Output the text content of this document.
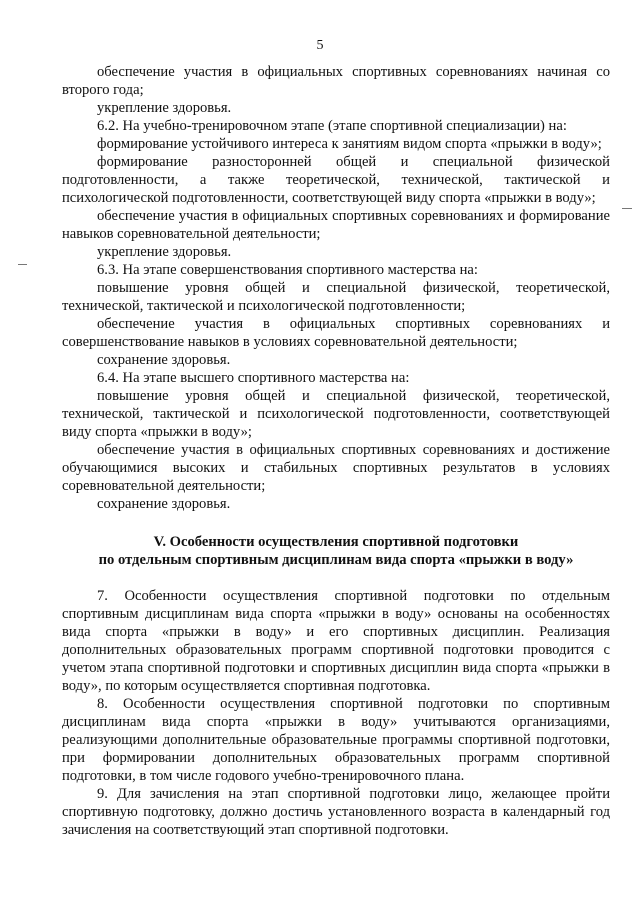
5

обеспечение участия в официальных спортивных соревнованиях начиная со второго года;

укрепление здоровья.

6.2. На учебно-тренировочном этапе (этапе спортивной специализации) на:

формирование устойчивого интереса к занятиям видом спорта «прыжки в воду»;

формирование разносторонней общей и специальной физической подготовленности, а также теоретической, технической, тактической и психологической подготовленности, соответствующей виду спорта «прыжки в воду»;

обеспечение участия в официальных спортивных соревнованиях и формирование навыков соревновательной деятельности;

укрепление здоровья.

6.3. На этапе совершенствования спортивного мастерства на:

повышение уровня общей и специальной физической, теоретической, технической, тактической и психологической подготовленности;

обеспечение участия в официальных спортивных соревнованиях и совершенствование навыков в условиях соревновательной деятельности;

сохранение здоровья.

6.4. На этапе высшего спортивного мастерства на:

повышение уровня общей и специальной физической, теоретической, технической, тактической и психологической подготовленности, соответствующей виду спорта «прыжки в воду»;

обеспечение участия в официальных спортивных соревнованиях и достижение обучающимися высоких и стабильных спортивных результатов в условиях соревновательной деятельности;

сохранение здоровья.

V. Особенности осуществления спортивной подготовки

по отдельным спортивным дисциплинам вида спорта «прыжки в воду»

7. Особенности осуществления спортивной подготовки по отдельным спортивным дисциплинам вида спорта «прыжки в воду» основаны на особенностях вида спорта «прыжки в воду» и его спортивных дисциплин. Реализация дополнительных образовательных программ спортивной подготовки проводится с учетом этапа спортивной подготовки и спортивных дисциплин вида спорта «прыжки в воду», по которым осуществляется спортивная подготовка.

8. Особенности осуществления спортивной подготовки по спортивным дисциплинам вида спорта «прыжки в воду» учитываются организациями, реализующими дополнительные образовательные программы спортивной подготовки, при формировании дополнительных образовательных программ спортивной подготовки, в том числе годового учебно-тренировочного плана.

9. Для зачисления на этап спортивной подготовки лицо, желающее пройти спортивную подготовку, должно достичь установленного возраста в календарный год зачисления на соответствующий этап спортивной подготовки.
